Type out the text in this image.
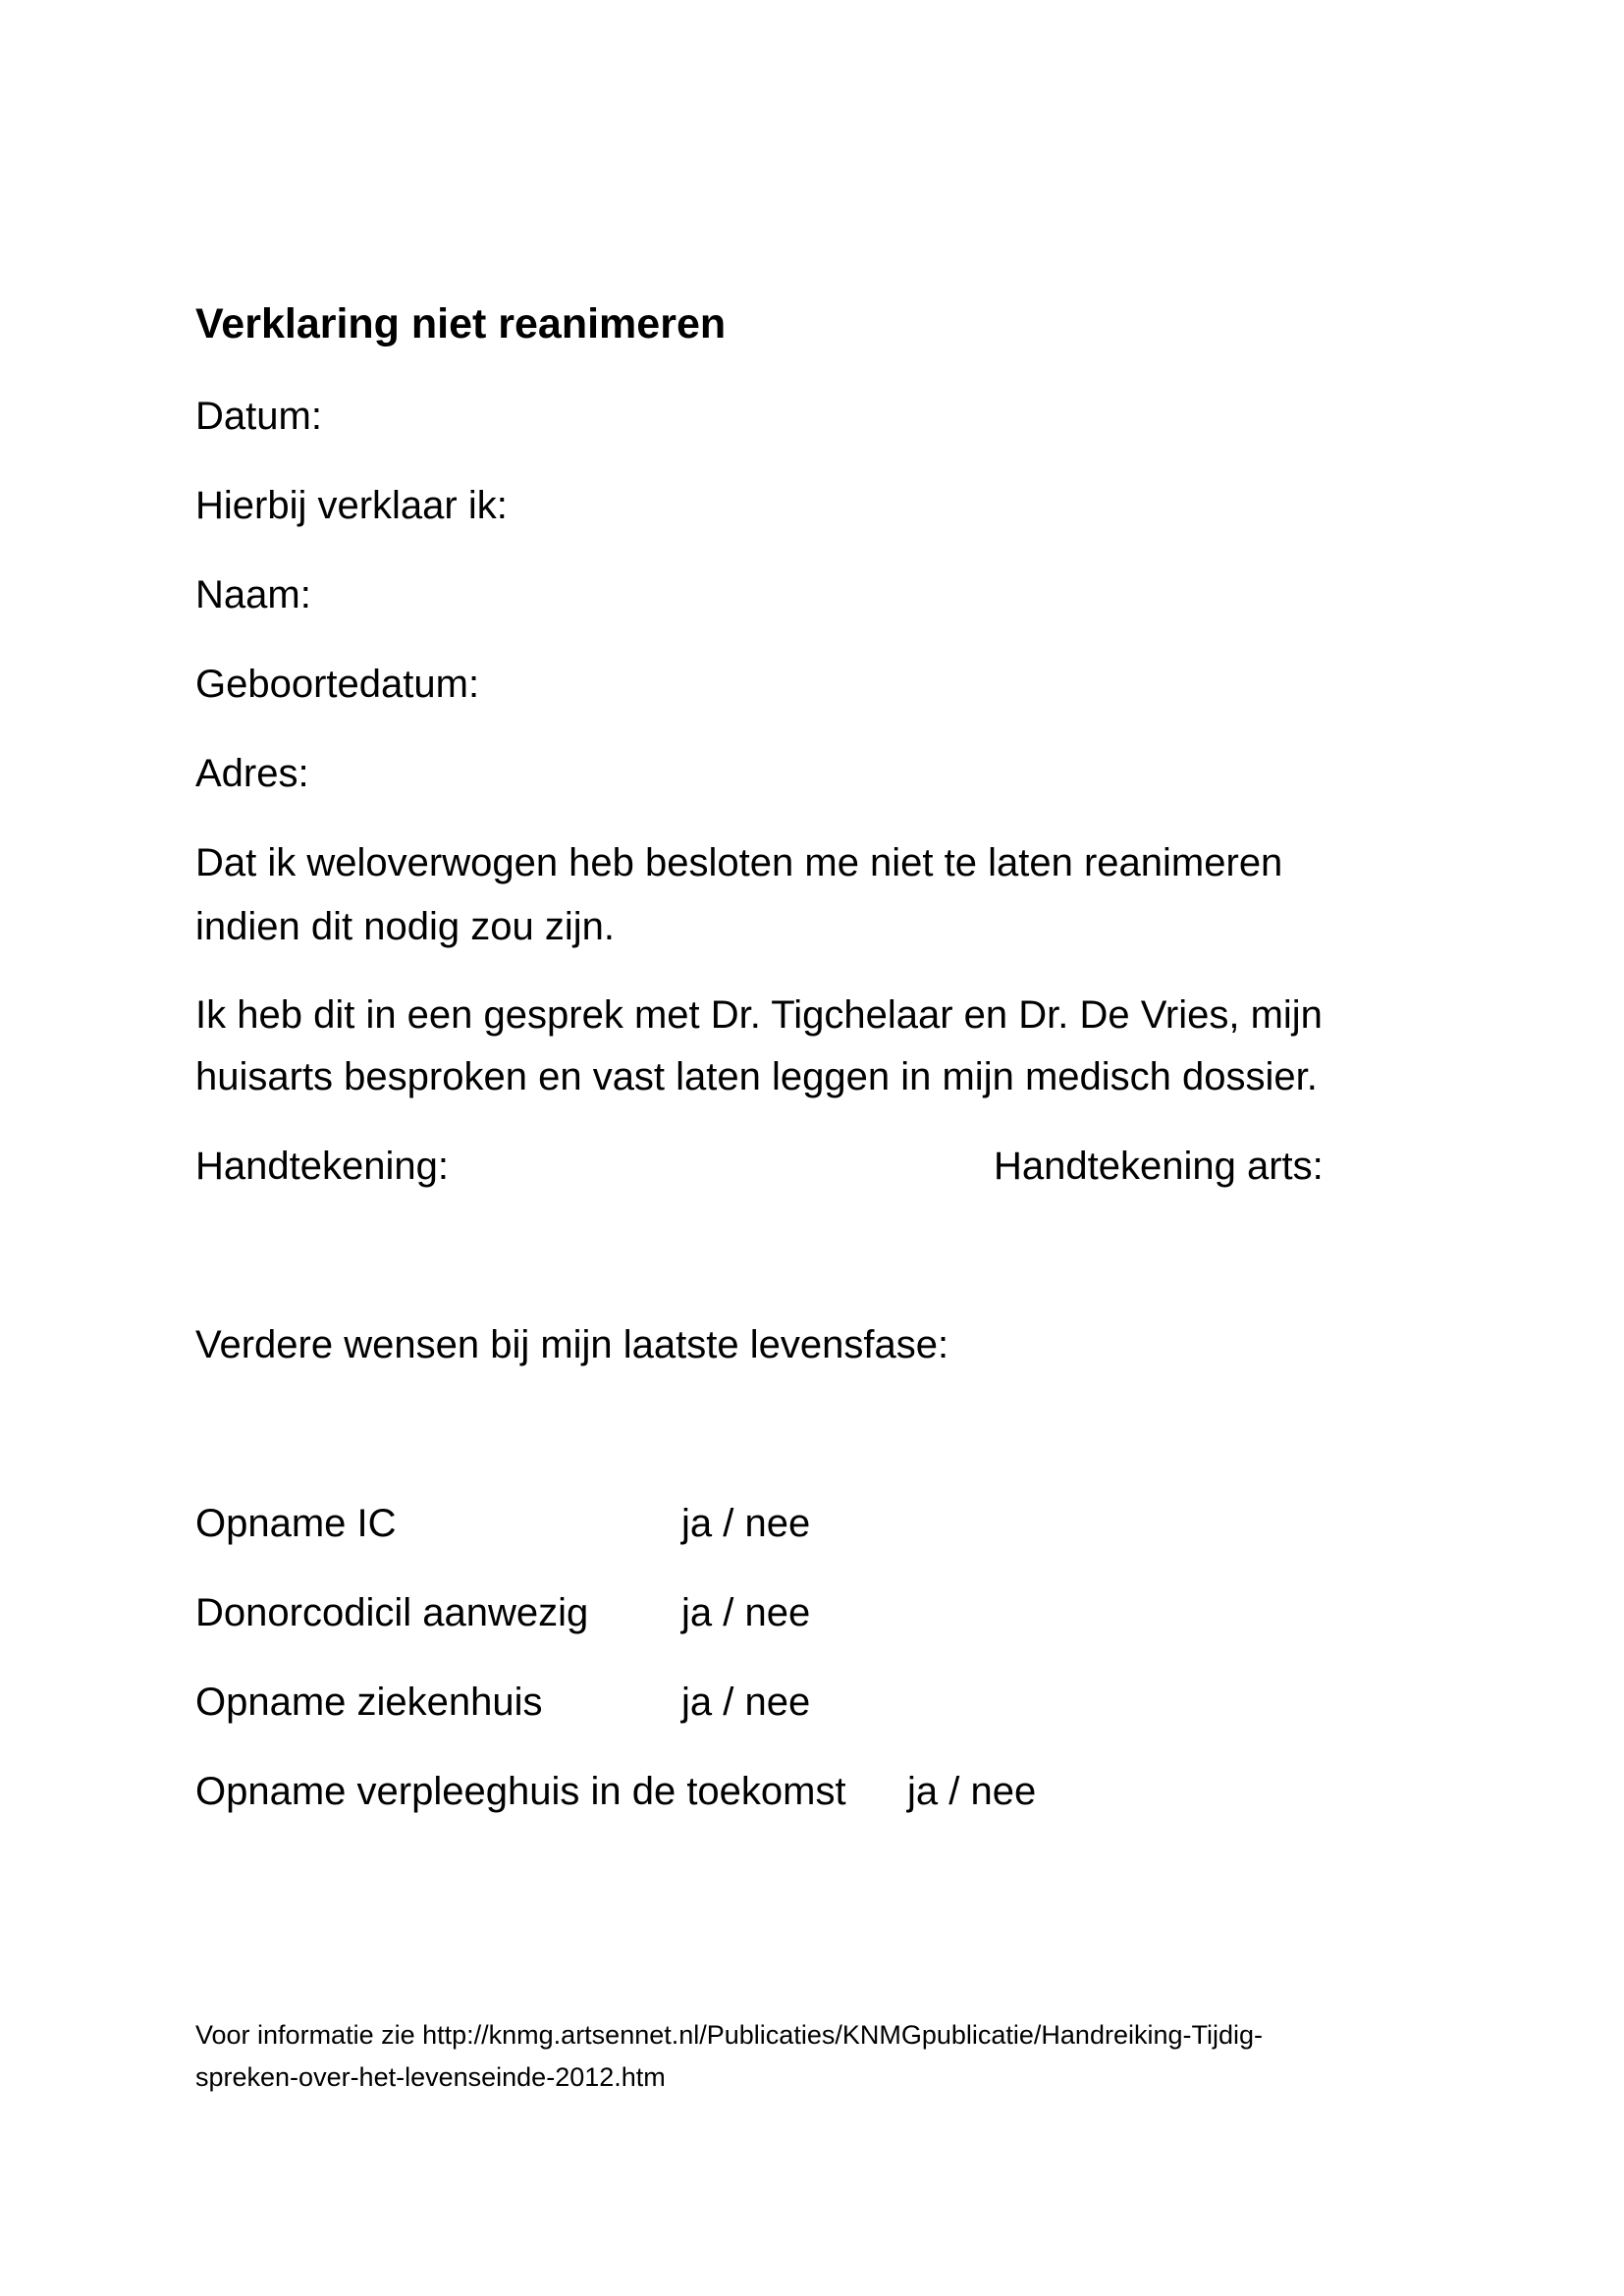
Verklaring niet reanimeren
Datum:
Hierbij verklaar ik:
Naam:
Geboortedatum:
Adres:
Dat ik weloverwogen heb besloten me niet te laten reanimeren
indien dit nodig zou zijn.
Ik heb dit in een gesprek met Dr. Tigchelaar en Dr. De Vries, mijn
huisarts besproken en vast laten leggen in mijn medisch dossier.
Handtekening:	Handtekening arts:
Verdere wensen bij mijn laatste levensfase:
Opname IC	ja / nee
Donorcodicil aanwezig ja / nee
Opname ziekenhuis	ja / nee
Opname verpleeghuis in de toekomst ja / nee
Voor informatie zie http://knmg.artsennet.nl/Publicaties/KNMGpublicatie/Handreiking-Tijdig-
spreken-over-het-levenseinde-2012.htm
